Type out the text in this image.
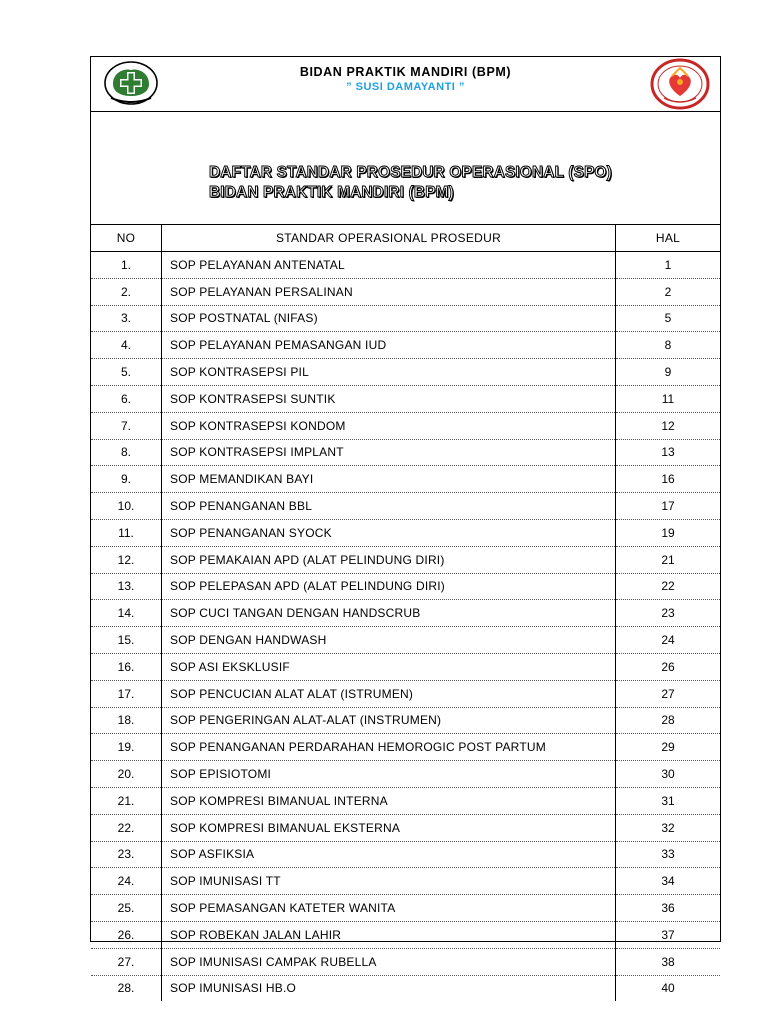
BIDAN PRAKTIK MANDIRI (BPM)
” SUSI DAMAYANTI ”
DAFTAR STANDAR PROSEDUR OPERASIONAL (SPO)
BIDAN PRAKTIK MANDIRI (BPM)
NO	STANDAR OPERASIONAL PROSEDUR	HAL
1.	SOP PELAYANAN ANTENATAL	1
2.	SOP PELAYANAN PERSALINAN	2
3.	SOP POSTNATAL (NIFAS)	5
4.	SOP PELAYANAN PEMASANGAN IUD	8
5.	SOP KONTRASEPSI PIL	9
6.	SOP KONTRASEPSI SUNTIK	11
7.	SOP KONTRASEPSI KONDOM	12
8.	SOP KONTRASEPSI IMPLANT	13
9.	SOP MEMANDIKAN BAYI	16
10.	SOP PENANGANAN BBL	17
11.	SOP PENANGANAN SYOCK	19
12.	SOP PEMAKAIAN APD (ALAT PELINDUNG DIRI)	21
13.	SOP PELEPASAN APD (ALAT PELINDUNG DIRI)	22
14.	SOP CUCI TANGAN DENGAN HANDSCRUB	23
15.	SOP DENGAN HANDWASH	24
16.	SOP ASI EKSKLUSIF	26
17.	SOP PENCUCIAN ALAT ALAT (ISTRUMEN)	27
18.	SOP PENGERINGAN ALAT-ALAT (INSTRUMEN)	28
19.	SOP PENANGANAN PERDARAHAN HEMOROGIC POST PARTUM	29
20.	SOP EPISIOTOMI	30
21.	SOP KOMPRESI BIMANUAL INTERNA	31
22.	SOP KOMPRESI BIMANUAL EKSTERNA	32
23.	SOP ASFIKSIA	33
24.	SOP IMUNISASI TT	34
25.	SOP PEMASANGAN KATETER WANITA	36
26.	SOP ROBEKAN JALAN LAHIR	37
27.	SOP IMUNISASI CAMPAK RUBELLA	38
28.	SOP IMUNISASI HB.O	40
